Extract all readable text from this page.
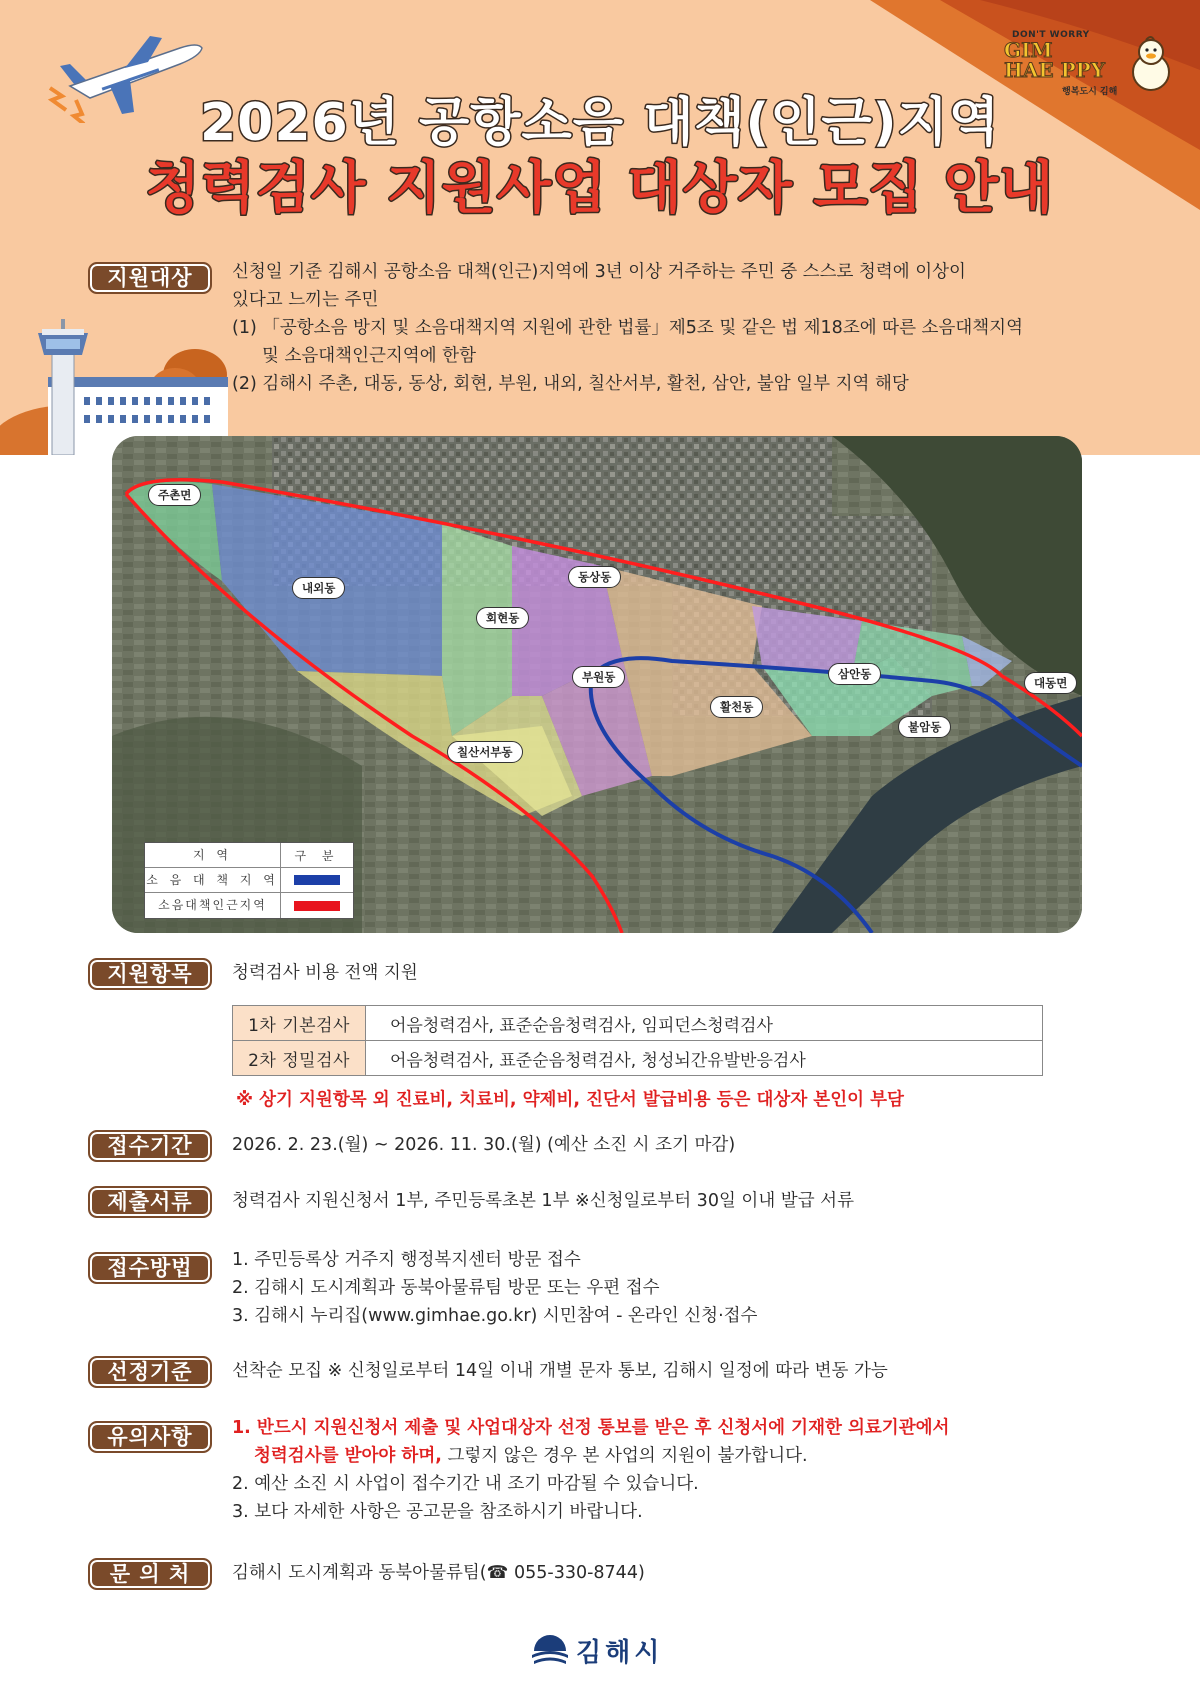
DON'T WORRY
GIM
HAE PPY
행복도시 김해
2026년 공항소음 대책(인근)지역
청력검사 지원사업 대상자 모집 안내
지원대상	신청일 기준 김해시 공항소음 대책(인근)지역에 3년 이상 거주하는 주민 중 스스로 청력에 이상이
있다고 느끼는 주민
(1) 「공항소음 방지 및 소음대책지역 지원에 관한 법률」제5조 및 같은 법 제18조에 따른 소음대책지역
및 소음대책인근지역에 한함
(2) 김해시 주촌, 대동, 동상, 회현, 부원, 내외, 칠산서부, 활천, 삼안, 불암 일부 지역 해당
주촌면
내외동
동상동
회현동
부원동
활천동
삼안동
대동면
불암동
칠산서부동
지 역	구 분
소 음 대 책 지 역
소음대책인근지역
지원항목	청력검사 비용 전액 지원
1차 기본검사	어음청력검사, 표준순음청력검사, 임피던스청력검사
2차 정밀검사	어음청력검사, 표준순음청력검사, 청성뇌간유발반응검사
※ 상기 지원항목 외 진료비, 치료비, 약제비, 진단서 발급비용 등은 대상자 본인이 부담
접수기간	2026. 2. 23.(월) ~ 2026. 11. 30.(월) (예산 소진 시 조기 마감)
제출서류	청력검사 지원신청서 1부, 주민등록초본 1부 ※신청일로부터 30일 이내 발급 서류
접수방법	1. 주민등록상 거주지 행정복지센터 방문 접수
2. 김해시 도시계획과 동북아물류팀 방문 또는 우편 접수
3. 김해시 누리집(www.gimhae.go.kr) 시민참여 - 온라인 신청·접수
선정기준	선착순 모집 ※ 신청일로부터 14일 이내 개별 문자 통보, 김해시 일정에 따라 변동 가능
유의사항	1. 반드시 지원신청서 제출 및 사업대상자 선정 통보를 받은 후 신청서에 기재한 의료기관에서
청력검사를 받아야 하며, 그렇지 않은 경우 본 사업의 지원이 불가합니다.
2. 예산 소진 시 사업이 접수기간 내 조기 마감될 수 있습니다.
3. 보다 자세한 사항은 공고문을 참조하시기 바랍니다.
문 의 처	김해시 도시계획과 동북아물류팀(☎ 055-330-8744)
김해시
